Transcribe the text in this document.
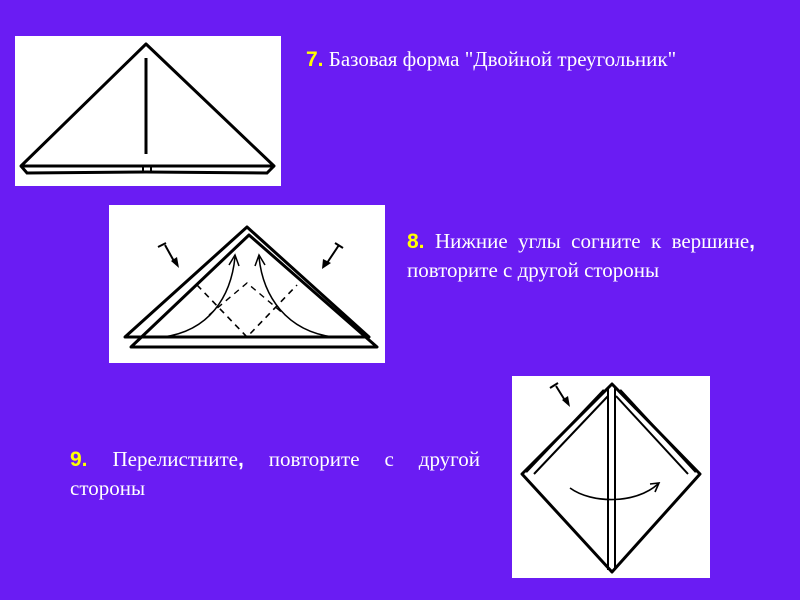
7. Базовая форма "Двойной треугольник"
8. Нижние углы согните к вершине, повторите с другой стороны
9. Перелистните, повторите с другой стороны
